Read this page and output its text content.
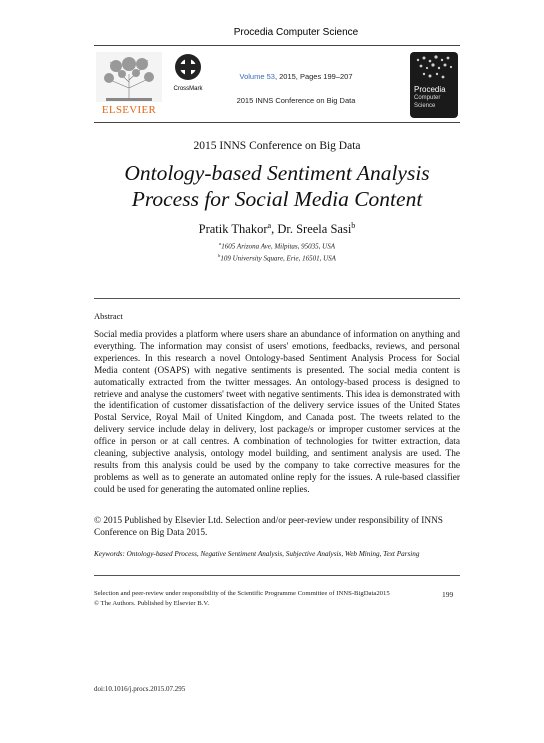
ELSEVIER
CrossMark
Procedia Computer Science
Volume 53, 2015, Pages 199–207
2015 INNS Conference on Big Data
Procedia
Computer
Science
2015 INNS Conference on Big Data
Ontology-based Sentiment Analysis
Process for Social Media Content
Pratik Thakor$^a$, Dr. Sreela Sasi$^b$
$^a$1605 Arizona Ave, Milpitas, 95035, USA
$^b$109 University Square, Erie, 16501, USA
Abstract
Social media provides a platform where users share an abundance of information on anything and everything. The information may consist of users' emotions, feedbacks, reviews, and personal experiences. In this research a novel Ontology-based Sentiment Analysis Process for Social Media content (OSAPS) with negative sentiments is presented. The social media content is automatically extracted from the twitter messages. An ontology-based process is designed to retrieve and analyse the customers' tweet with negative sentiments. This idea is demonstrated with the identification of customer dissatisfaction of the delivery service issues of the United States Postal Service, Royal Mail of United Kingdom, and Canada post. The tweets related to the delivery service include delay in delivery, lost package/s or improper customer services at the office in person or at call centres. A combination of technologies for twitter extraction, data cleaning, subjective analysis, ontology model building, and sentiment analysis are used. The results from this analysis could be used by the company to take corrective measures for the problems as well as to generate an automated online reply for the issues. A rule-based classifier could be used for generating the automated online replies.
© 2015 Published by Elsevier Ltd. Selection and/or peer-review under responsibility of INNS Conference on Big Data 2015.
Keywords: Ontology-based Process, Negative Sentiment Analysis, Subjective Analysis, Web Mining, Text Parsing
Selection and peer-review under responsibility of the Scientific Programme Committee of INNS-BigData2015
© The Authors. Published by Elsevier B.V.
199
doi:10.1016/j.procs.2015.07.295
